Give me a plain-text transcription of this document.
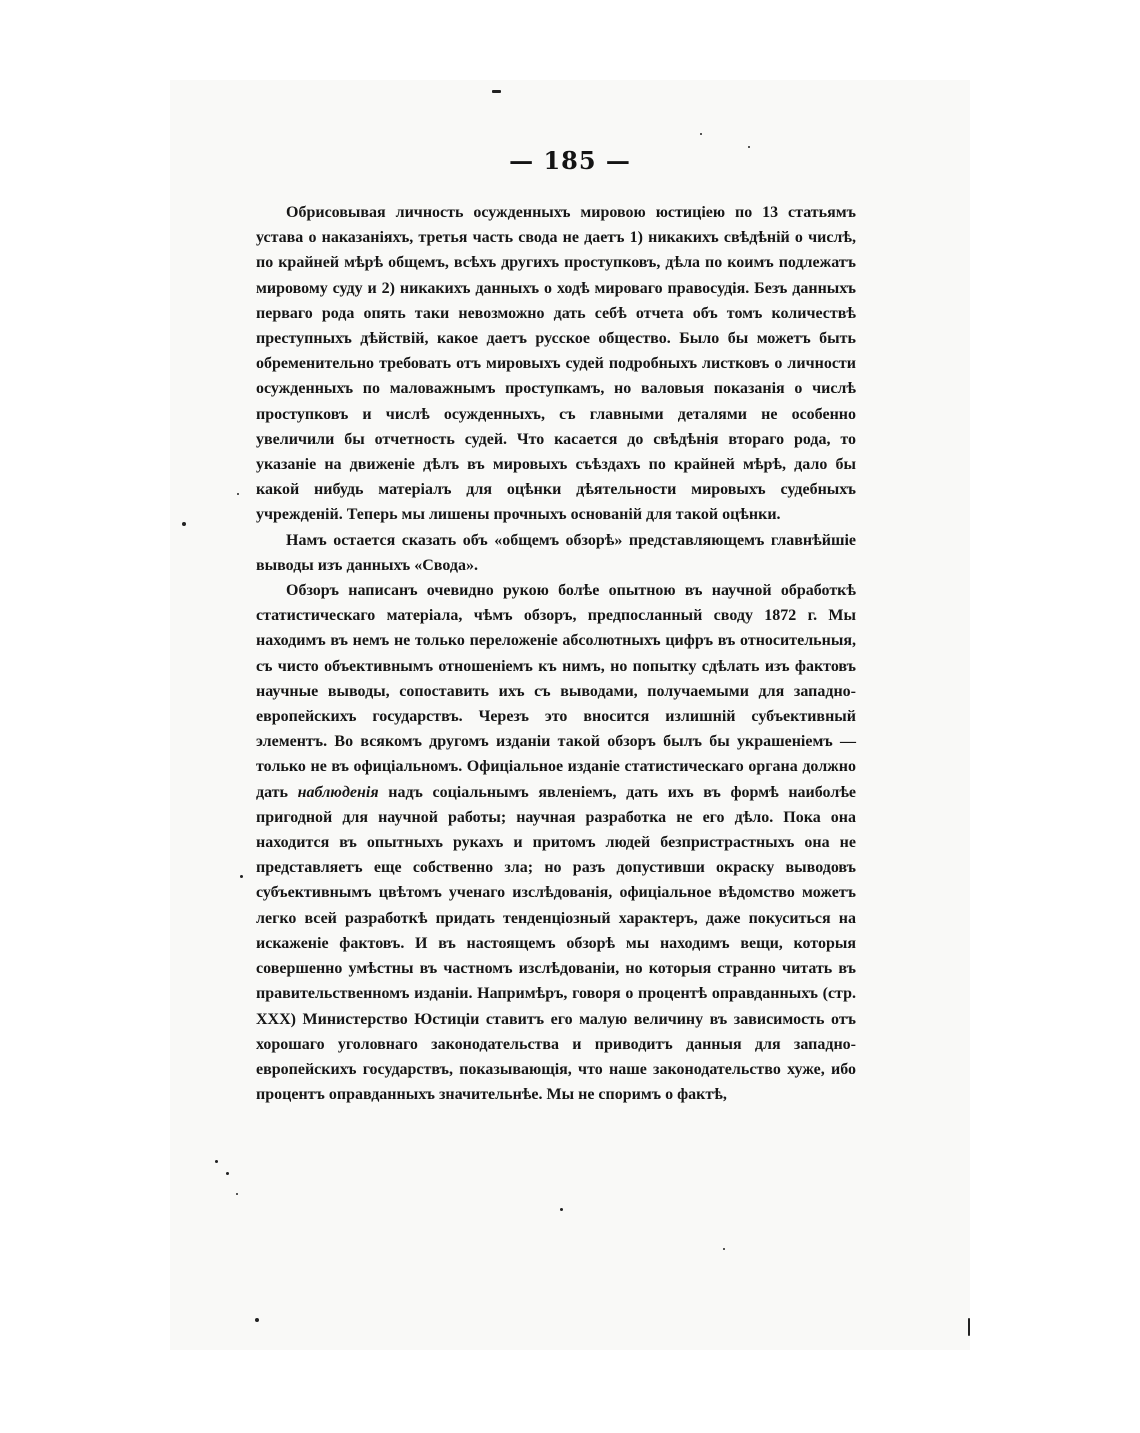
— 185 —

Обрисовывая личность осужденныхъ мировою юстиціею по 13 статьямъ устава о наказаніяхъ, третья часть свода не даетъ 1) никакихъ свѣдѣній о числѣ, по крайней мѣрѣ общемъ, всѣхъ другихъ проступковъ, дѣла по коимъ подлежатъ мировому суду и 2) никакихъ данныхъ о ходѣ мироваго правосудія. Безъ данныхъ перваго рода опять таки невозможно дать себѣ отчета объ томъ количествѣ преступныхъ дѣйствій, какое даетъ русское общество. Было бы можетъ быть обременительно требовать отъ мировыхъ судей подробныхъ листковъ о личности осужденныхъ по маловажнымъ проступкамъ, но валовыя показанія о числѣ проступковъ и числѣ осужденныхъ, съ главными деталями не особенно увеличили бы отчетность судей. Что касается до свѣдѣнія втораго рода, то указаніе на движеніе дѣлъ въ мировыхъ съѣздахъ по крайней мѣрѣ, дало бы какой нибудь матеріалъ для оцѣнки дѣятельности мировыхъ судебныхъ учрежденій. Теперь мы лишены прочныхъ основаній для такой оцѣнки.

Намъ остается сказать объ «общемъ обзорѣ» представляющемъ главнѣйшіе выводы изъ данныхъ «Свода».

Обзоръ написанъ очевидно рукою болѣе опытною въ научной обработкѣ статистическаго матеріала, чѣмъ обзоръ, предпосланный своду 1872 г. Мы находимъ въ немъ не только переложеніе абсолютныхъ цифръ въ относительныя, съ чисто объективнымъ отношеніемъ къ нимъ, но попытку сдѣлать изъ фактовъ научные выводы, сопоставить ихъ съ выводами, получаемыми для западно-европейскихъ государствъ. Черезъ это вносится излишній субъективный элементъ. Во всякомъ другомъ изданіи такой обзоръ былъ бы украшеніемъ — только не въ офиціальномъ. Офиціальное изданіе статистическаго органа должно дать наблюденія надъ соціальнымъ явленіемъ, дать ихъ въ формѣ наиболѣе пригодной для научной работы; научная разработка не его дѣло. Пока она находится въ опытныхъ рукахъ и притомъ людей безпристрастныхъ она не представляетъ еще собственно зла; но разъ допустивши окраску выводовъ субъективнымъ цвѣтомъ ученаго изслѣдованія, офиціальное вѣдомство можетъ легко всей разработкѣ придать тенденціозный характеръ, даже покуситься на искаженіе фактовъ. И въ настоящемъ обзорѣ мы находимъ вещи, которыя совершенно умѣстны въ частномъ изслѣдованіи, но которыя странно читать въ правительственномъ изданіи. Напримѣръ, говоря о процентѣ оправданныхъ (стр. XXX) Министерство Юстиціи ставитъ его малую величину въ зависимость отъ хорошаго уголовнаго законодательства и приводитъ данныя для западно-европейскихъ государствъ, показывающія, что наше законодательство хуже, ибо процентъ оправданныхъ значительнѣе. Мы не споримъ о фактѣ,
